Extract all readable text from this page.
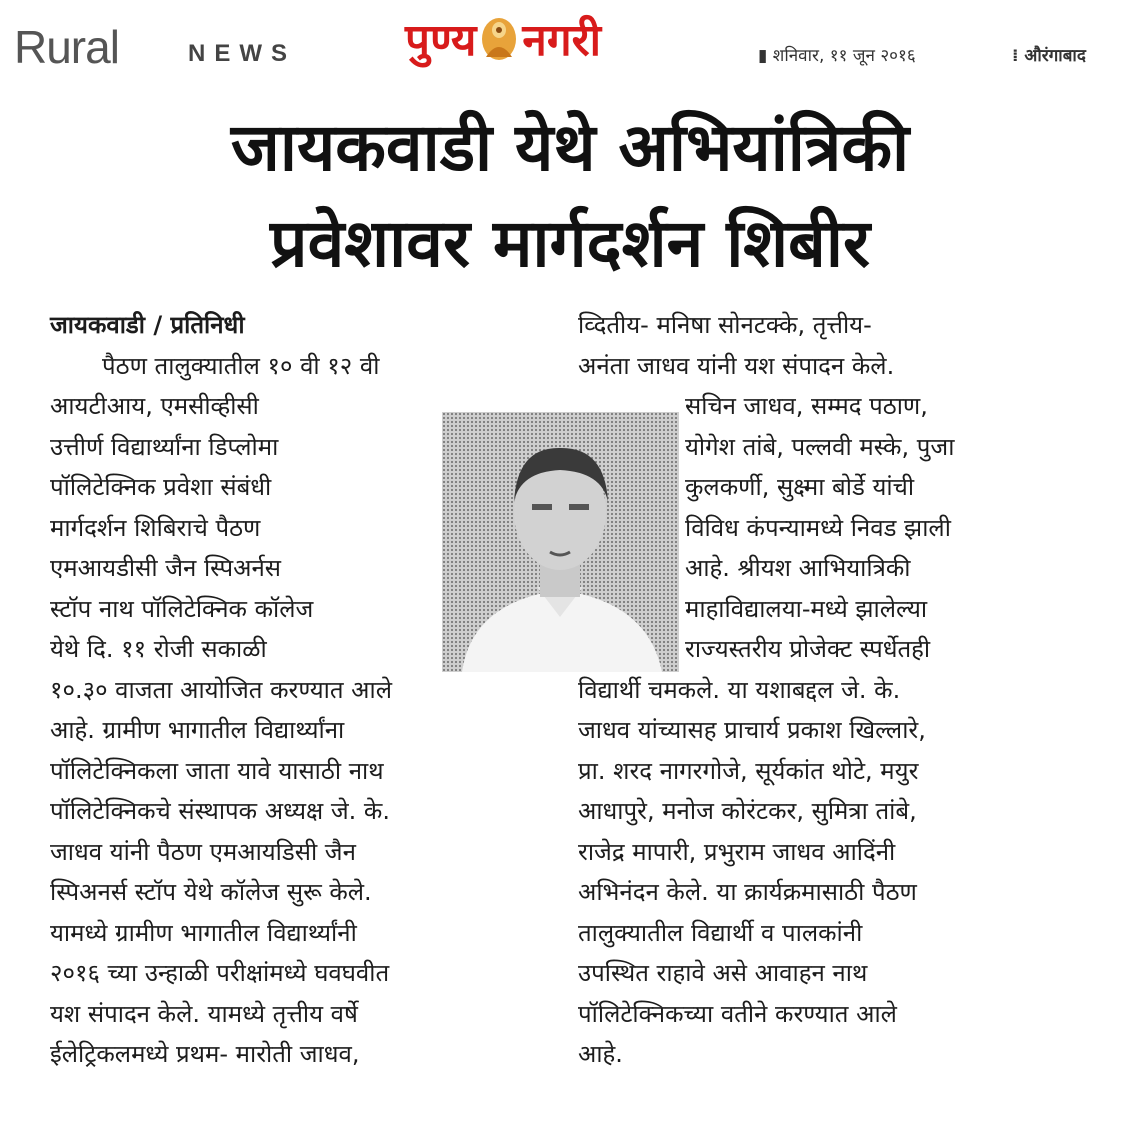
Rural	NEWS पुण्य नगरी	▮ शनिवार, ११ जून २०१६	⁞ औरंगाबाद
जायकवाडी येथे अभियांत्रिकी
प्रवेशावर मार्गदर्शन शिबीर

जायकवाडी / प्रतिनिधी

पैठण तालुक्यातील १० वी १२ वी

आयटीआय, एमसीव्हीसी

उत्तीर्ण विद्यार्थ्यांना डिप्लोमा

पॉलिटेक्निक प्रवेशा संबंधी

मार्गदर्शन शिबिराचे पैठण

एमआयडीसी जैन स्पिअर्नस

स्टॉप नाथ पॉलिटेक्निक कॉलेज

येथे दि. ११ रोजी सकाळी

१०.३० वाजता आयोजित करण्यात आले

आहे. ग्रामीण भागातील विद्यार्थ्यांना

पॉलिटेक्निकला जाता यावे यासाठी नाथ

पॉलिटेक्निकचे संस्थापक अध्यक्ष जे. के.

जाधव यांनी पैठण एमआयडिसी जैन

स्पिअनर्स स्टॉप येथे कॉलेज सुरू केले.

यामध्ये ग्रामीण भागातील विद्यार्थ्यांनी

२०१६ च्या उन्हाळी परीक्षांमध्ये घवघवीत

यश संपादन केले. यामध्ये तृत्तीय वर्षे

ईलेट्रिकलमध्ये प्रथम- मारोती जाधव,

व्दितीय- मनिषा सोनटक्के, तृत्तीय-

अनंता जाधव यांनी यश संपादन केले.

सचिन जाधव, सम्मद पठाण,

योगेश तांबे, पल्लवी मस्के, पुजा

कुलकर्णी, सुक्ष्मा बोर्डे यांची

विविध कंपन्यामध्ये निवड झाली

आहे. श्रीयश आभियात्रिकी

माहाविद्यालया-मध्ये झालेल्या

राज्यस्तरीय प्रोजेक्ट स्पर्धेतही

विद्यार्थी चमकले. या यशाबद्दल जे. के.

जाधव यांच्यासह प्राचार्य प्रकाश खिल्लारे,

प्रा. शरद नागरगोजे, सूर्यकांत थोटे, मयुर

आधापुरे, मनोज कोरंटकर, सुमित्रा तांबे,

राजेद्र मापारी, प्रभुराम जाधव आदिंनी

अभिनंदन केले. या क्रार्यक्रमासाठी पैठण

तालुक्यातील विद्यार्थी व पालकांनी

उपस्थित राहावे असे आवाहन नाथ

पॉलिटेक्निकच्या वतीने करण्यात आले

आहे.
